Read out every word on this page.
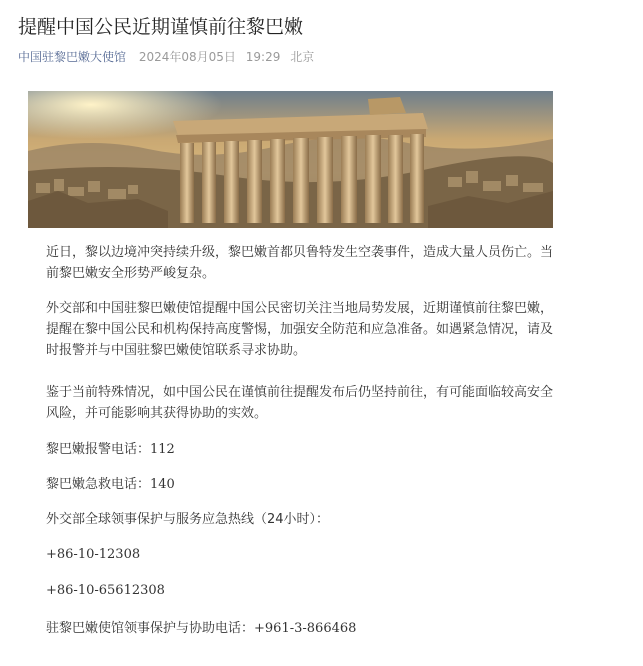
提醒中国公民近期谨慎前往黎巴嫩
中国驻黎巴嫩大使馆 2024年08月05日 19:29 北京

　　近日，黎以边境冲突持续升级，黎巴嫩首都贝鲁特发生空袭事件，造成大量人员伤亡。当前黎巴嫩安全形势严峻复杂。

外交部和中国驻黎巴嫩使馆提醒中国公民密切关注当地局势发展，近期谨慎前往黎巴嫩，提醒在黎中国公民和机构保持高度警惕，加强安全防范和应急准备。如遇紧急情况，请及时报警并与中国驻黎巴嫩使馆联系寻求协助。

鉴于当前特殊情况，如中国公民在谨慎前往提醒发布后仍坚持前往，有可能面临较高安全风险，并可能影响其获得协助的实效。

黎巴嫩报警电话：112
黎巴嫩急救电话：140
外交部全球领事保护与服务应急热线（24小时）：
+86-10-12308
+86-10-65612308
驻黎巴嫩使馆领事保护与协助电话：+961-3-866468
